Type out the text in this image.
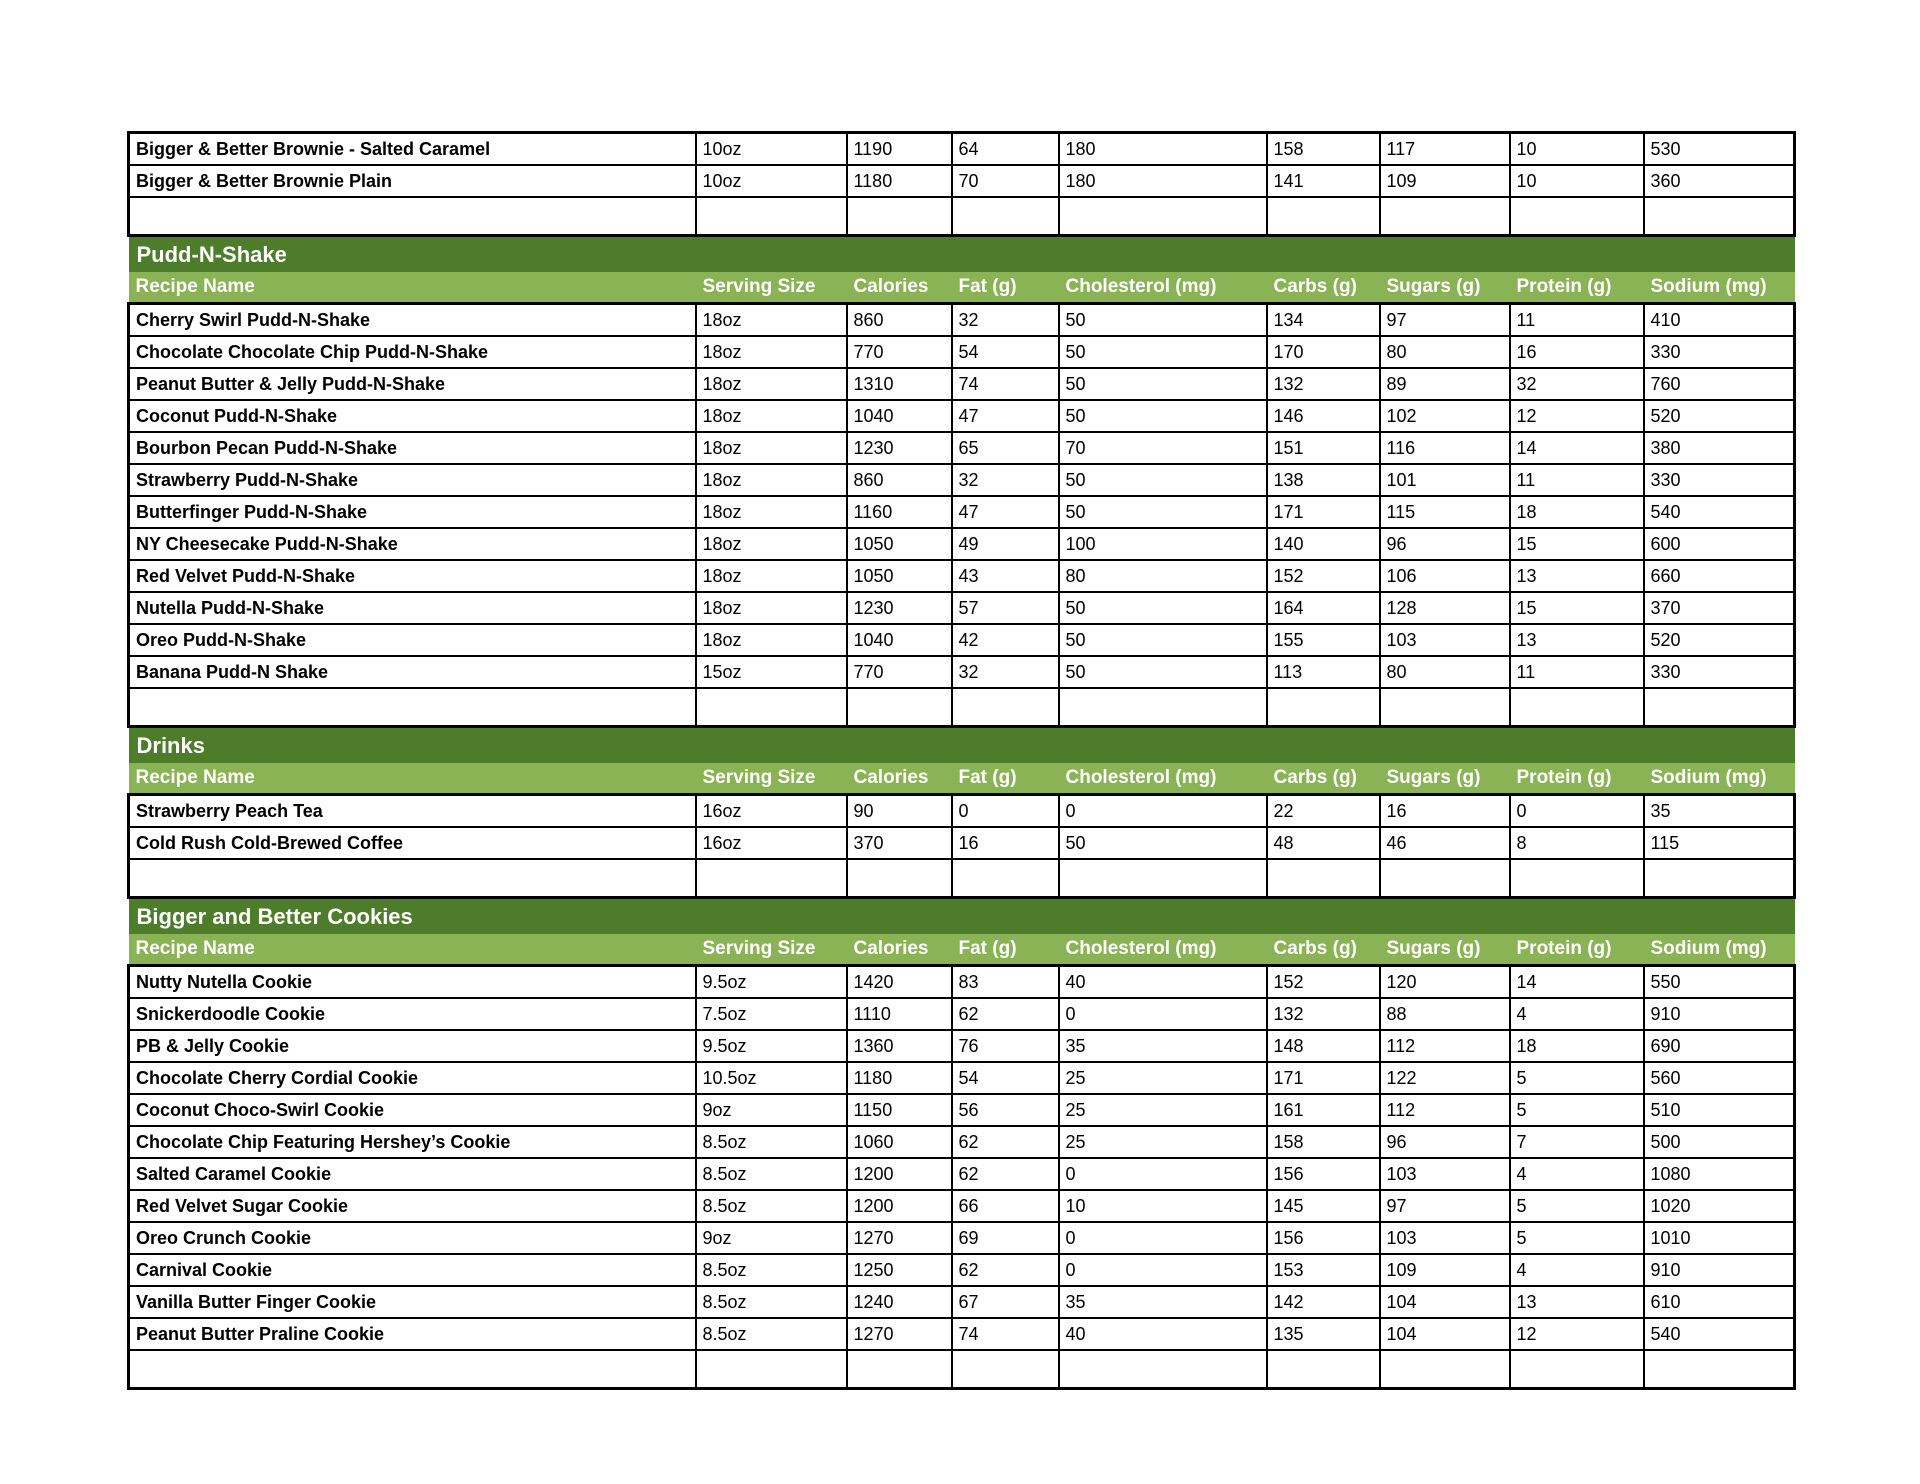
Bigger & Better Brownie - Salted Caramel	10oz	1190	64	180	158	117	10	530
Bigger & Better Brownie Plain	10oz	1180	70	180	141	109	10	360

Pudd-N-Shake								
Recipe Name	Serving Size	Calories	Fat (g)	Cholesterol (mg)	Carbs (g)	Sugars (g)	Protein (g)	Sodium (mg)
Cherry Swirl Pudd-N-Shake	18oz	860	32	50	134	97	11	410
Chocolate Chocolate Chip Pudd-N-Shake	18oz	770	54	50	170	80	16	330
Peanut Butter & Jelly Pudd-N-Shake	18oz	1310	74	50	132	89	32	760
Coconut Pudd-N-Shake	18oz	1040	47	50	146	102	12	520
Bourbon Pecan Pudd-N-Shake	18oz	1230	65	70	151	116	14	380
Strawberry Pudd-N-Shake	18oz	860	32	50	138	101	11	330
Butterfinger Pudd-N-Shake	18oz	1160	47	50	171	115	18	540
NY Cheesecake Pudd-N-Shake	18oz	1050	49	100	140	96	15	600
Red Velvet Pudd-N-Shake	18oz	1050	43	80	152	106	13	660
Nutella Pudd-N-Shake	18oz	1230	57	50	164	128	15	370
Oreo Pudd-N-Shake	18oz	1040	42	50	155	103	13	520
Banana Pudd-N Shake	15oz	770	32	50	113	80	11	330

Drinks								
Recipe Name	Serving Size	Calories	Fat (g)	Cholesterol (mg)	Carbs (g)	Sugars (g)	Protein (g)	Sodium (mg)
Strawberry Peach Tea	16oz	90	0	0	22	16	0	35
Cold Rush Cold-Brewed Coffee	16oz	370	16	50	48	46	8	115

Bigger and Better Cookies								
Recipe Name	Serving Size	Calories	Fat (g)	Cholesterol (mg)	Carbs (g)	Sugars (g)	Protein (g)	Sodium (mg)
Nutty Nutella Cookie	9.5oz	1420	83	40	152	120	14	550
Snickerdoodle Cookie	7.5oz	1110	62	0	132	88	4	910
PB & Jelly Cookie	9.5oz	1360	76	35	148	112	18	690
Chocolate Cherry Cordial Cookie	10.5oz	1180	54	25	171	122	5	560
Coconut Choco-Swirl Cookie	9oz	1150	56	25	161	112	5	510
Chocolate Chip Featuring Hershey’s Cookie	8.5oz	1060	62	25	158	96	7	500
Salted Caramel Cookie	8.5oz	1200	62	0	156	103	4	1080
Red Velvet Sugar Cookie	8.5oz	1200	66	10	145	97	5	1020
Oreo Crunch Cookie	9oz	1270	69	0	156	103	5	1010
Carnival Cookie	8.5oz	1250	62	0	153	109	4	910
Vanilla Butter Finger Cookie	8.5oz	1240	67	35	142	104	13	610
Peanut Butter Praline Cookie	8.5oz	1270	74	40	135	104	12	540
